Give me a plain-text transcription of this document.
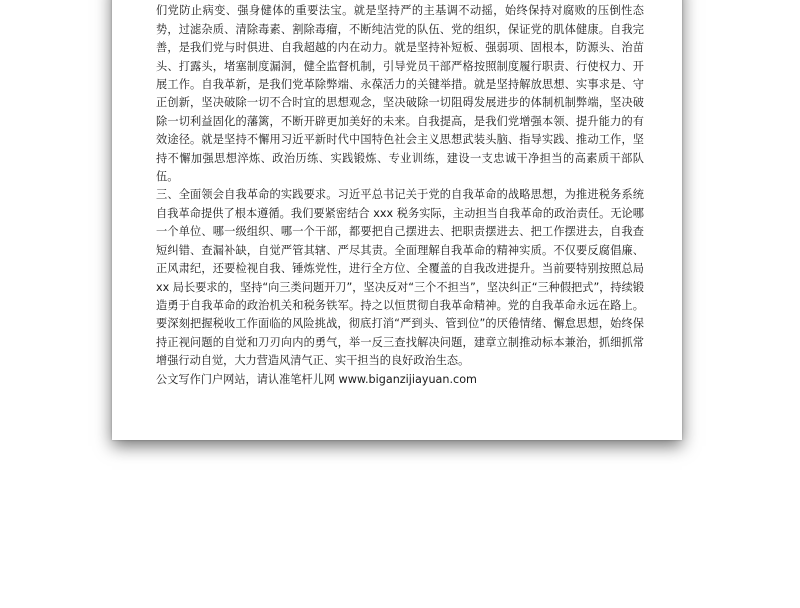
们党防止病变、强身健体的重要法宝。就是坚持严的主基调不动摇，始终保持对腐败的压倒性态势，过滤杂质、清除毒素、割除毒瘤，不断纯洁党的队伍、党的组织，保证党的肌体健康。自我完善，是我们党与时俱进、自我超越的内在动力。就是坚持补短板、强弱项、固根本，防源头、治苗头、打露头，堵塞制度漏洞，健全监督机制，引导党员干部严格按照制度履行职责、行使权力、开展工作。自我革新，是我们党革除弊端、永葆活力的关键举措。就是坚持解放思想、实事求是、守正创新，坚决破除一切不合时宜的思想观念，坚决破除一切阻碍发展进步的体制机制弊端，坚决破除一切利益固化的藩篱，不断开辟更加美好的未来。自我提高，是我们党增强本领、提升能力的有效途径。就是坚持不懈用习近平新时代中国特色社会主义思想武装头脑、指导实践、推动工作，坚持不懈加强思想淬炼、政治历练、实践锻炼、专业训练，建设一支忠诚干净担当的高素质干部队伍。

三、全面领会自我革命的实践要求。习近平总书记关于党的自我革命的战略思想，为推进税务系统自我革命提供了根本遵循。我们要紧密结合 xxx 税务实际，主动担当自我革命的政治责任。无论哪一个单位、哪一级组织、哪一个干部，都要把自己摆进去、把职责摆进去、把工作摆进去，自我查短纠错、查漏补缺，自觉严管其辖、严尽其责。全面理解自我革命的精神实质。不仅要反腐倡廉、正风肃纪，还要检视自我、锤炼党性，进行全方位、全覆盖的自我改进提升。当前要特别按照总局 xx 局长要求的，坚持“向三类问题开刀”，坚决反对“三个不担当”，坚决纠正“三种假把式”，持续锻造勇于自我革命的政治机关和税务铁军。持之以恒贯彻自我革命精神。党的自我革命永远在路上。要深刻把握税收工作面临的风险挑战，彻底打消“严到头、管到位”的厌倦情绪、懈怠思想，始终保持正视问题的自觉和刀刃向内的勇气，举一反三查找解决问题，建章立制推动标本兼治，抓细抓常增强行动自觉，大力营造风清气正、实干担当的良好政治生态。

公文写作门户网站，请认准笔杆儿网 www.biganzijiayuan.com
